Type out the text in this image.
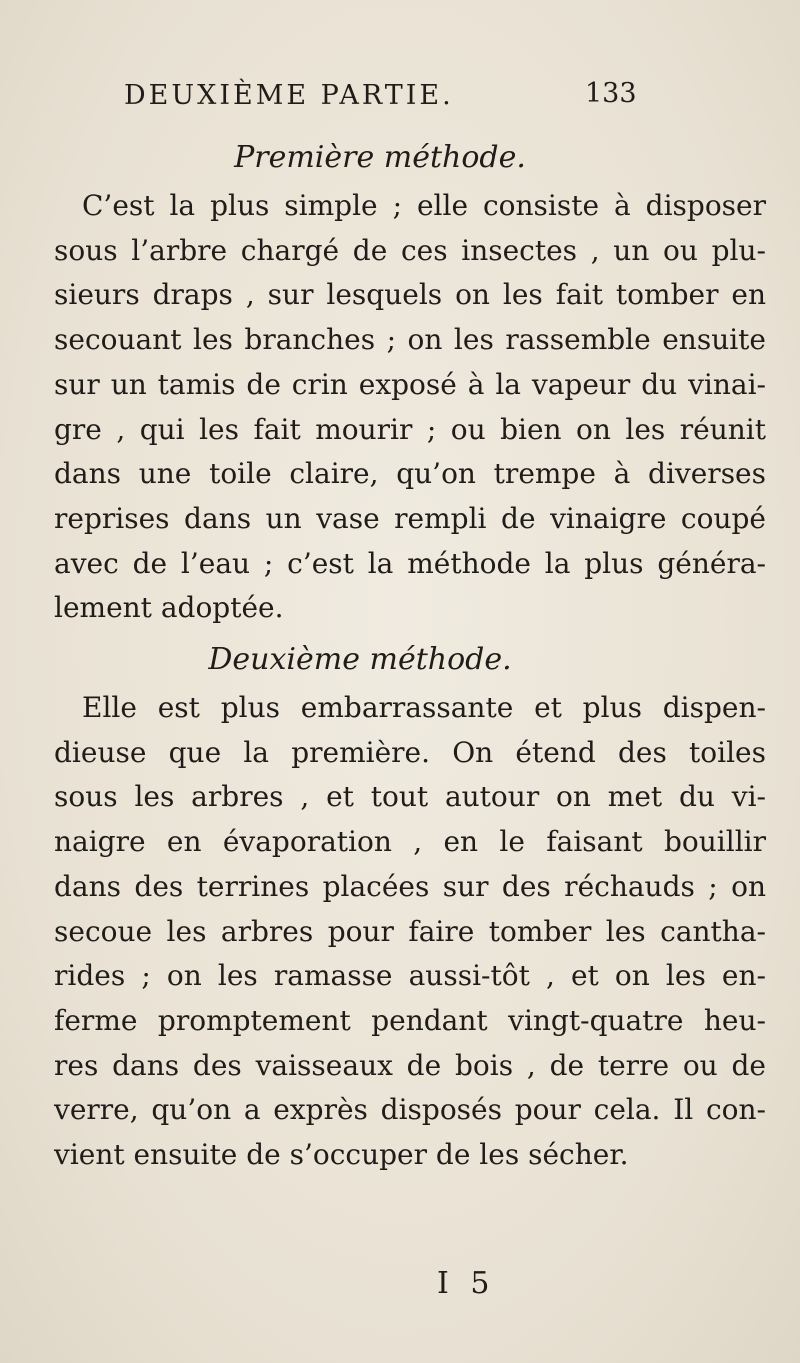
DEUXIÈME PARTIE.	133
Première méthode.
C’est la plus simple ; elle consiste à disposer
sous l’arbre chargé de ces insectes , un ou plu-
sieurs draps , sur lesquels on les fait tomber en
secouant les branches ; on les rassemble ensuite
sur un tamis de crin exposé à la vapeur du vinai-
gre , qui les fait mourir ; ou bien on les réunit
dans une toile claire, qu’on trempe à diverses
reprises dans un vase rempli de vinaigre coupé
avec de l’eau ; c’est la méthode la plus généra-
lement adoptée.
Deuxième méthode.
Elle est plus embarrassante et plus dispen-
dieuse que la première. On étend des toiles
sous les arbres , et tout autour on met du vi-
naigre en évaporation , en le faisant bouillir
dans des terrines placées sur des réchauds ; on
secoue les arbres pour faire tomber les cantha-
rides ; on les ramasse aussi-tôt , et on les en-
ferme promptement pendant vingt-quatre heu-
res dans des vaisseaux de bois , de terre ou de
verre, qu’on a exprès disposés pour cela. Il con-
vient ensuite de s’occuper de les sécher.
I 5
